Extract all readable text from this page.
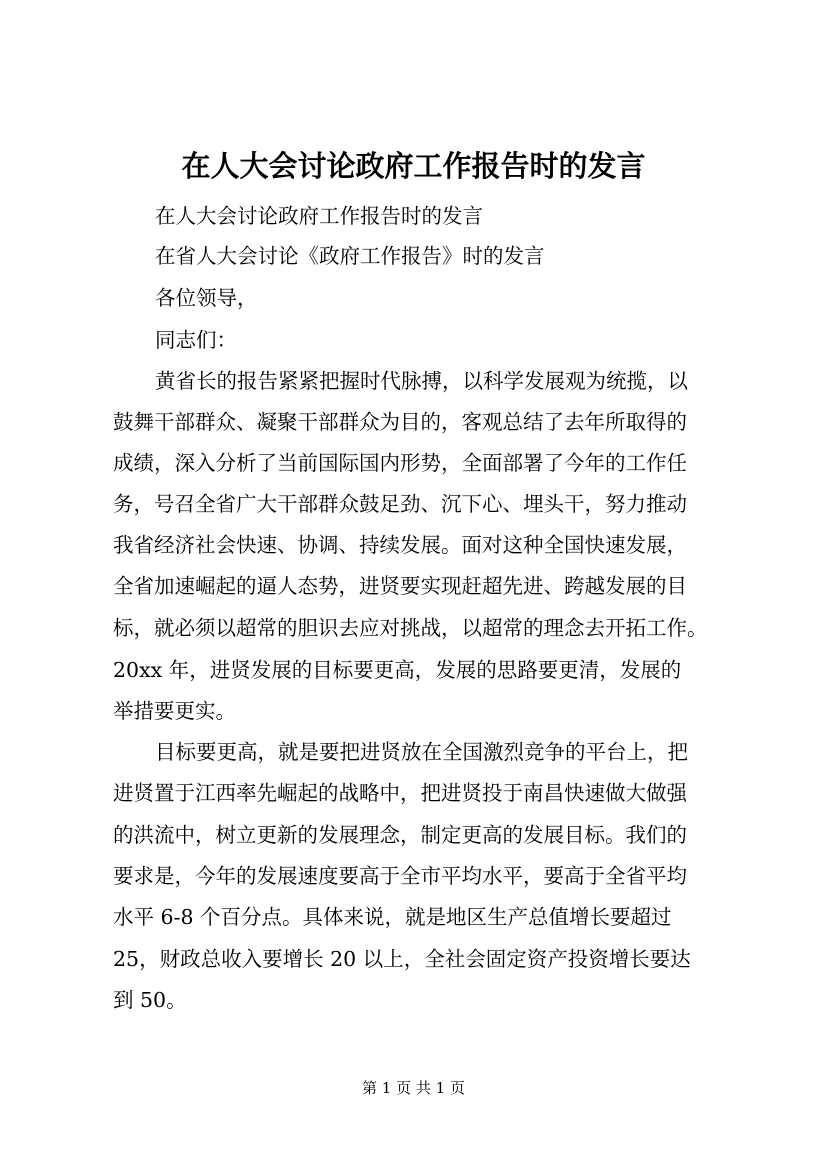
在人大会讨论政府工作报告时的发言
在人大会讨论政府工作报告时的发言
在省人大会讨论《政府工作报告》时的发言
各位领导，
同志们：
黄省长的报告紧紧把握时代脉搏，以科学发展观为统揽，以
鼓舞干部群众、凝聚干部群众为目的，客观总结了去年所取得的
成绩，深入分析了当前国际国内形势，全面部署了今年的工作任
务，号召全省广大干部群众鼓足劲、沉下心、埋头干，努力推动
我省经济社会快速、协调、持续发展。面对这种全国快速发展，
全省加速崛起的逼人态势，进贤要实现赶超先进、跨越发展的目
标，就必须以超常的胆识去应对挑战，以超常的理念去开拓工作。
20xx 年，进贤发展的目标要更高，发展的思路要更清，发展的
举措要更实。
目标要更高，就是要把进贤放在全国激烈竞争的平台上，把
进贤置于江西率先崛起的战略中，把进贤投于南昌快速做大做强
的洪流中，树立更新的发展理念，制定更高的发展目标。我们的
要求是，今年的发展速度要高于全市平均水平，要高于全省平均
水平 6-8 个百分点。具体来说，就是地区生产总值增长要超过
25，财政总收入要增长 20 以上，全社会固定资产投资增长要达
到 50。
第 1 页 共 1 页
